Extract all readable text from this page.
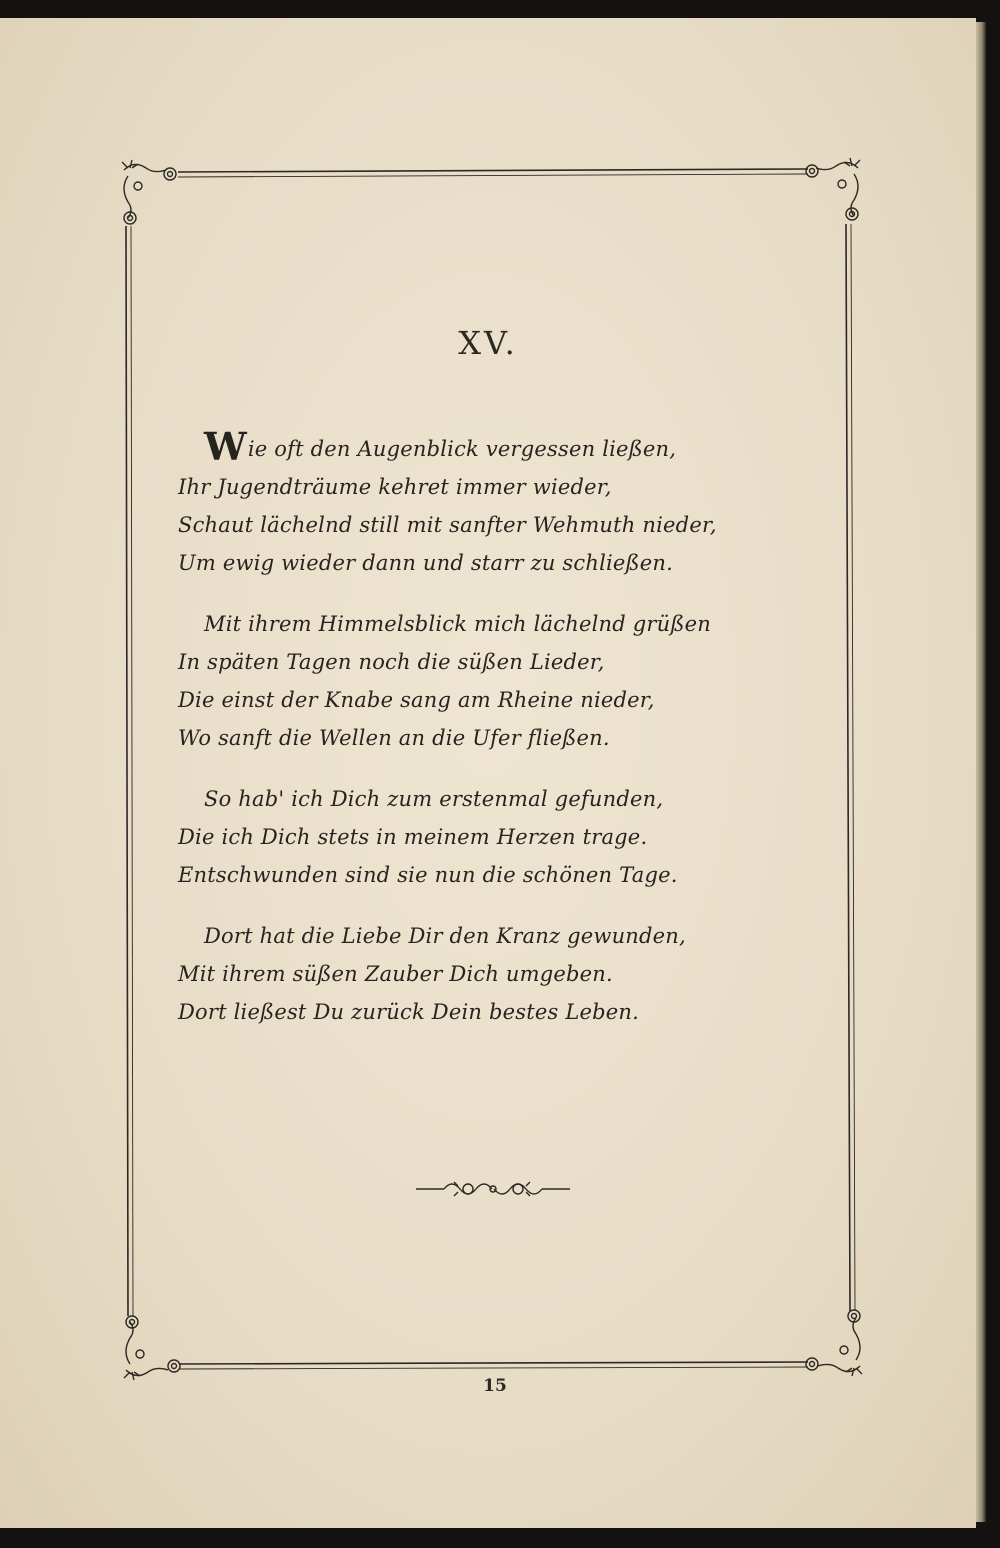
XV.
Wie oft den Augenblick vergessen ließen,
Ihr Jugendträume kehret immer wieder,
Schaut lächelnd still mit sanfter Wehmuth nieder,
Um ewig wieder dann und starr zu schließen.
Mit ihrem Himmelsblick mich lächelnd grüßen
In späten Tagen noch die süßen Lieder,
Die einst der Knabe sang am Rheine nieder,
Wo sanft die Wellen an die Ufer fließen.
So hab' ich Dich zum erstenmal gefunden,
Die ich Dich stets in meinem Herzen trage.
Entschwunden sind sie nun die schönen Tage.
Dort hat die Liebe Dir den Kranz gewunden,
Mit ihrem süßen Zauber Dich umgeben.
Dort ließest Du zurück Dein bestes Leben.
15
